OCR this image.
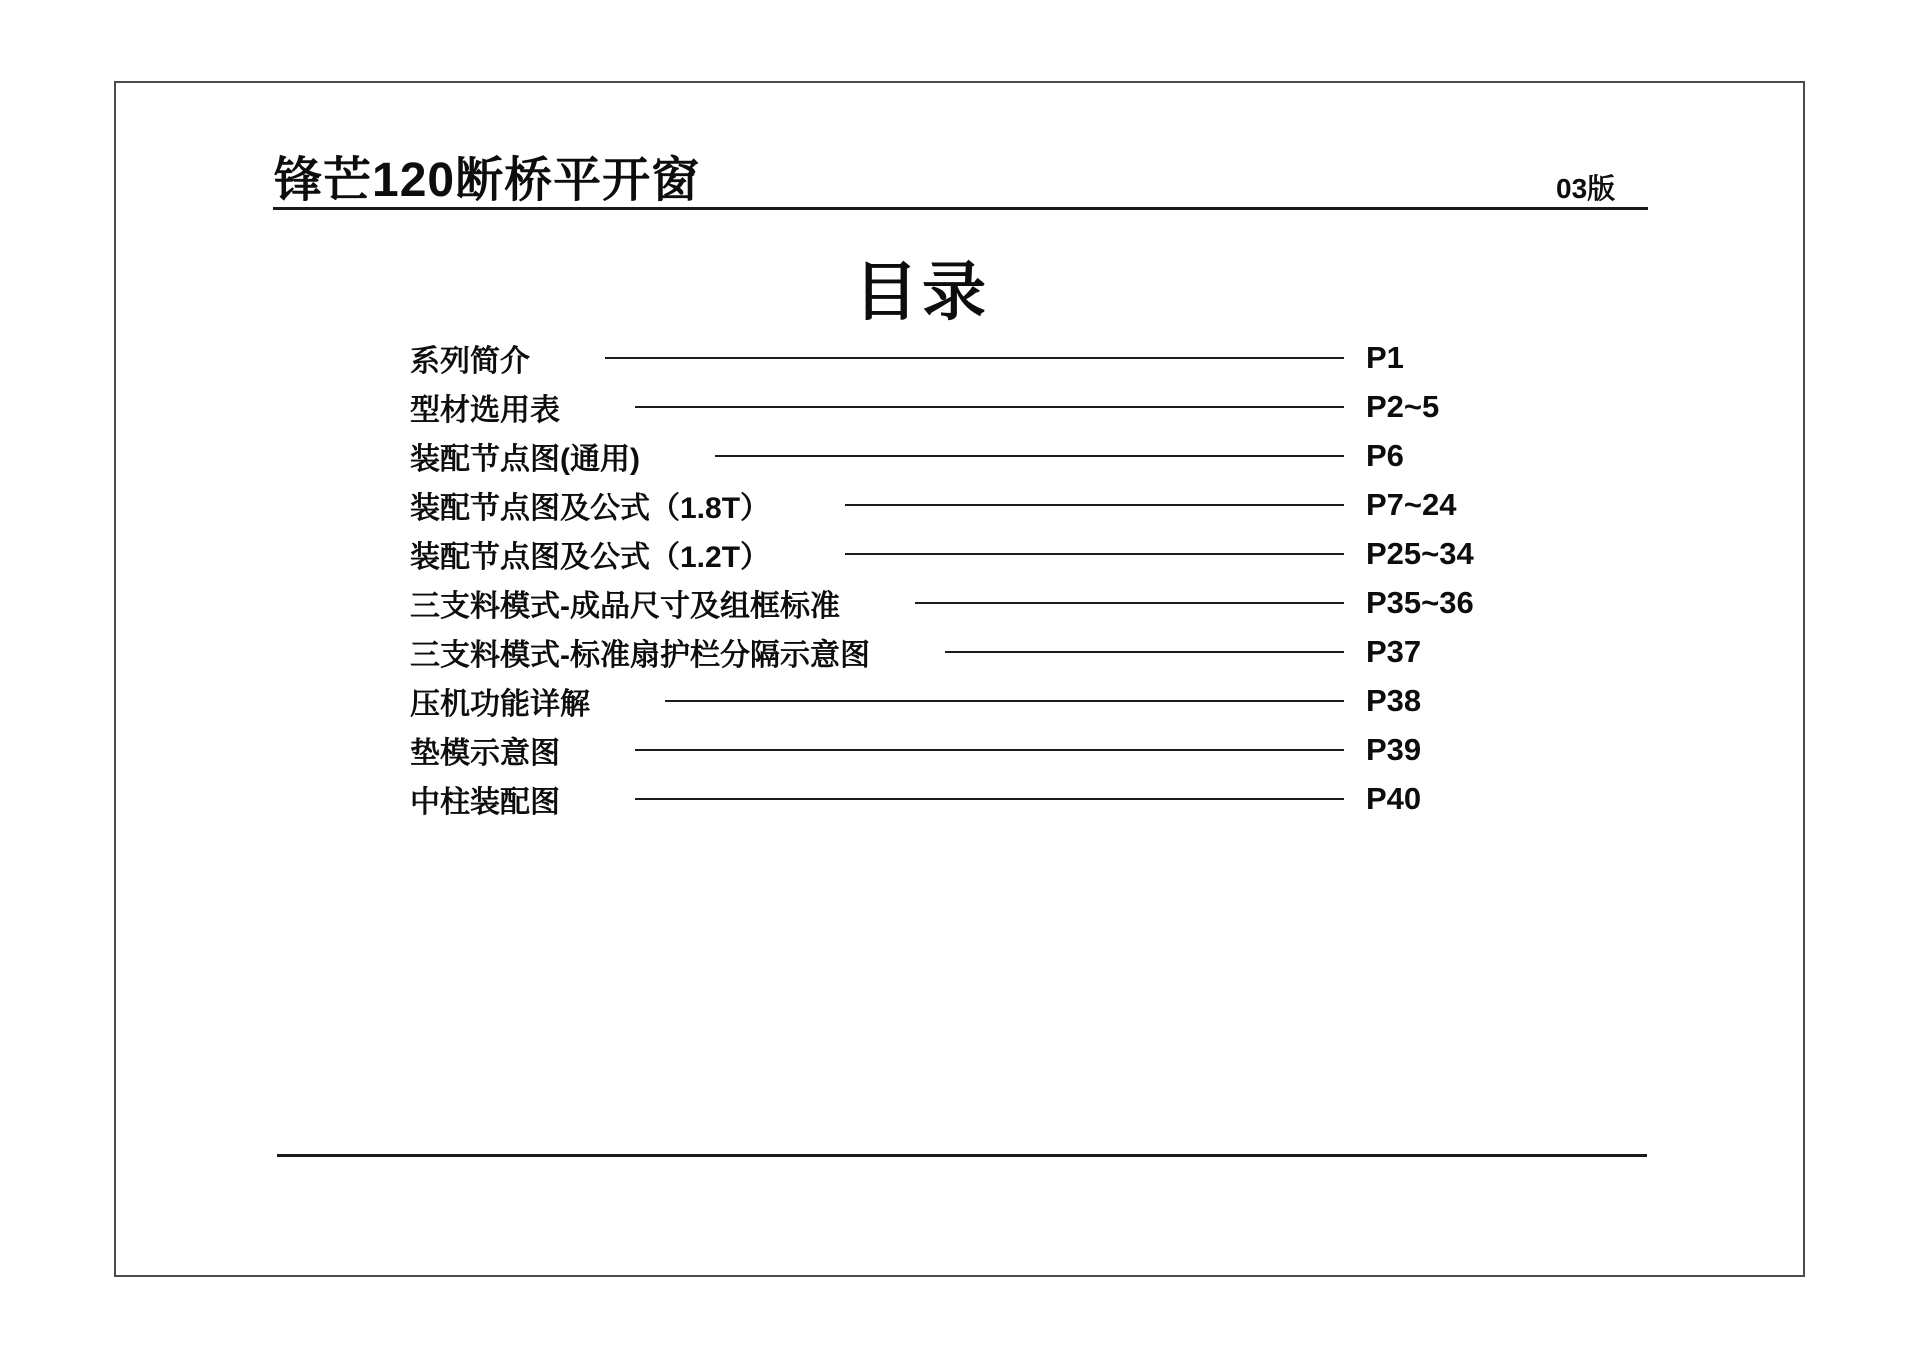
锋芒120断桥平开窗	03版
目录
系列简介	P1
型材选用表	P2~5
装配节点图(通用)	P6
装配节点图及公式（1.8T）	P7~24
装配节点图及公式（1.2T）	P25~34
三支料模式-成品尺寸及组框标准	P35~36
三支料模式-标准扇护栏分隔示意图	P37
压机功能详解	P38
垫模示意图	P39
中柱装配图	P40
